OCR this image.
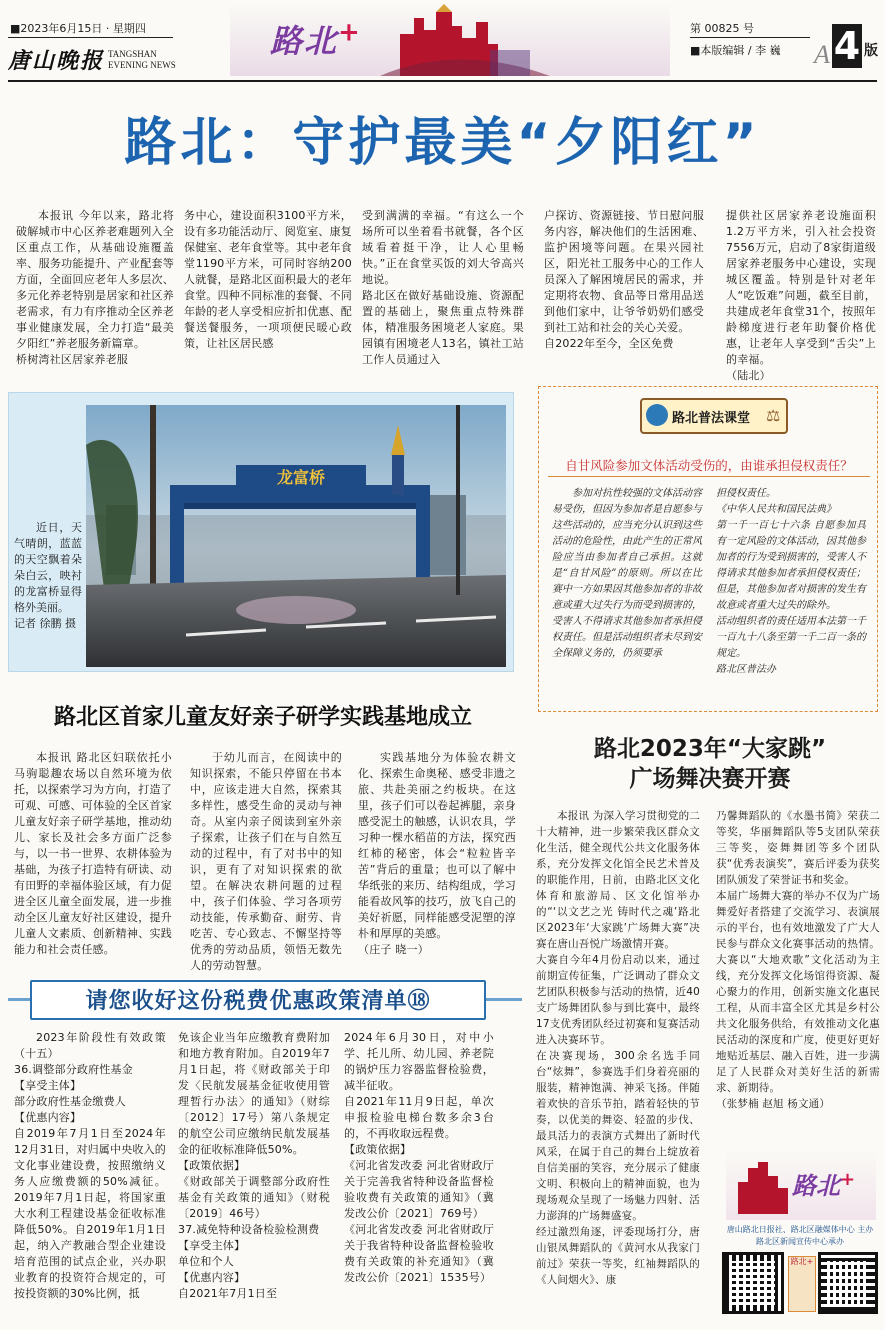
■2023年6月15日 · 星期四
唐山晚报 TANGSHAN
EVENING NEWS
路北+	第 00825 号
■本版编辑 / 李 巍 A 4 版
路北：守护最美“夕阳红”
本报讯 今年以来，路北将破解城市中心区养老难题列入全区重点工作，从基础设施覆盖率、服务功能提升、产业配套等方面，全面回应老年人多层次、多元化养老特别是居家和社区养老需求，有力有序推动全区养老事业健康发展，全力打造“最美夕阳红”养老服务新篇章。
桥树湾社区居家养老服
务中心，建设面积3100平方米，设有多功能活动厅、阅览室、康复保健室、老年食堂等。其中老年食堂1190平方米，可同时容纳200人就餐，是路北区面积最大的老年食堂。四种不同标准的套餐、不同年龄的老人享受相应折扣优惠、配餐送餐服务，一项项便民暖心政策，让社区居民感
受到满满的幸福。“有这么一个场所可以坐着看书就餐，各个区域看着挺干净，让人心里畅快。”正在食堂买饭的刘大爷高兴地说。
路北区在做好基础设施、资源配置的基础上，聚焦重点特殊群体，精准服务困境老人家庭。果园镇有困境老人13名，镇社工站工作人员通过入
户探访、资源链接、节日慰问服务内容，解决他们的生活困难、监护困境等问题。在果兴园社区，阳光社工服务中心的工作人员深入了解困境居民的需求，并定期将农物、食品等日常用品送到他们家中，让爷爷奶奶们感受到社工站和社会的关心关爱。
自2022年至今，全区免费
提供社区居家养老设施面积1.2万平方米，引入社会投资7556万元，启动了8家街道级居家养老服务中心建设，实现城区覆盖。特别是针对老年人“吃饭难”问题，截至目前，共建成老年食堂31个，按照年龄梯度进行老年助餐价格优惠，让老年人享受到“舌尖”上的幸福。
（陆北）
龙富桥
近日，天气晴朗，蓝蓝的天空飘着朵朵白云，映衬的龙富桥显得格外美丽。
记者 徐鹏 摄
路北普法课堂 ⚖
自甘风险参加文体活动受伤的，由谁承担侵权责任？
参加对抗性较强的文体活动容易受伤，但因为参加者是自愿参与这些活动的，应当充分认识到这些活动的危险性，由此产生的正常风险应当由参加者自己承担。这就是“自甘风险”的原则。所以在比赛中一方如果因其他参加者的非故意或重大过失行为而受到损害的，受害人不得请求其他参加者承担侵权责任。但是活动组织者未尽到安全保障义务的，仍须要承
担侵权责任。
《中华人民共和国民法典》
第一千一百七十六条 自愿参加具有一定风险的文体活动，因其他参加者的行为受到损害的，受害人不得请求其他参加者承担侵权责任；但是，其他参加者对损害的发生有故意或者重大过失的除外。
活动组织者的责任适用本法第一千一百九十八条至第一千二百一条的规定。
路北区普法办
路北区首家儿童友好亲子研学实践基地成立
本报讯 路北区妇联依托小马驹聪趣农场以自然环境为依托，以探索学习为方向，打造了可观、可感、可体验的全区首家儿童友好亲子研学基地，推动幼儿、家长及社会多方面广泛参与，以一书一世界、农耕体验为基础，为孩子打造特有研读、动有田野的幸福体验区域，有力促进全区儿童全面发展，进一步推动全区儿童友好社区建设，提升儿童人文素质、创新精神、实践能力和社会责任感。
于幼儿而言，在阅读中的知识探索，不能只停留在书本中，应该走进大自然，探索其多样性，感受生命的灵动与神奇。从室内亲子阅读到室外亲子探索，让孩子们在与自然互动的过程中，有了对书中的知识，更有了对知识探索的欲望。在解决农耕问题的过程中，孩子们体验、学习各项劳动技能，传承勤奋、耐劳、肯吃苦、专心致志、不懈坚持等优秀的劳动品质，领悟无数先人的劳动智慧。
实践基地分为体验农耕文化、探索生命奥秘、感受非遗之旅、共赴美丽之约板块。在这里，孩子们可以卷起裤腿，亲身感受泥土的触感，认识农具，学习种一棵水稻苗的方法，探究西红柿的秘密，体会“粒粒皆辛苦”背后的重量；也可以了解中华纸张的来历、结构组成，学习能看故风筝的技巧，放飞自己的美好祈愿，同样能感受泥塑的淳朴和厚厚的美感。
（庄子 晓一）
请您收好这份税费优惠政策清单⑱
2023年阶段性有效政策（十五）
36.调整部分政府性基金
【享受主体】
部分政府性基金缴费人
【优惠内容】
自2019年7月1日至2024年12月31日，对归属中央收入的文化事业建设费，按照缴纳义务人应缴费额的50%减征。2019年7月1日起，将国家重大水利工程建设基金征收标准降低50%。自2019年1月1日起，纳入产教融合型企业建设培育范围的试点企业，兴办职业教育的投资符合规定的，可按投资额的30%比例，抵
免该企业当年应缴教育费附加和地方教育附加。自2019年7月1日起，将《财政部关于印发〈民航发展基金征收使用管理暂行办法〉的通知》（财综〔2012〕17号）第八条规定的航空公司应缴纳民航发展基金的征收标准降低50%。
【政策依据】
《财政部关于调整部分政府性基金有关政策的通知》（财税〔2019〕46号）
37.减免特种设备检验检测费
【享受主体】
单位和个人
【优惠内容】
自2021年7月1日至
2024年6月30日，对中小学、托儿所、幼儿园、养老院的锅炉压力容器监督检验费，减半征收。
自2021年11月9日起，单次申报检验电梯台数多余3台的，不再收取远程费。
【政策依据】
《河北省发改委 河北省财政厅关于完善我省特种设备监督检验收费有关政策的通知》（冀发改公价〔2021〕769号）
《河北省发改委 河北省财政厅关于我省特种设备监督检验收费有关政策的补充通知》（冀发改公价〔2021〕1535号）
路北2023年“大家跳”
广场舞决赛开赛
本报讯 为深入学习贯彻党的二十大精神，进一步繁荣我区群众文化生活，健全现代公共文化服务体系，充分发挥文化馆全民艺术普及的职能作用，日前，由路北区文化体育和旅游局、区文化馆举办的“‘以文艺之光 铸时代之魂’路北区2023年‘大家跳’广场舞大赛”决赛在唐山吾悦广场激情开赛。
大赛自今年4月份启动以来，通过前期宣传征集，广泛调动了群众文艺团队积极参与活动的热情，近40支广场舞团队参与到比赛中，最终17支优秀团队经过初赛和复赛活动进入决赛环节。
在决赛现场，300余名选手同台“炫舞”，参赛选手们身着亮丽的服装，精神饱满、神采飞扬。伴随着欢快的音乐节拍，踏着轻快的节奏，以优美的舞姿、轻盈的步伐、最具活力的表演方式舞出了新时代风采，在属于自己的舞台上绽放着自信美丽的笑容，充分展示了健康文明、积极向上的精神面貌，也为现场观众呈现了一场魅力四射、活力澎湃的广场舞盛宴。
经过激烈角逐，评委现场打分，唐山银凤舞蹈队的《黄河水从我家门前过》荣获一等奖，红袖舞蹈队的《人间烟火》、康
乃馨舞蹈队的《水墨书简》荣获二等奖，华丽舞蹈队等5支团队荣获三等奖，姿舞舞团等多个团队获“优秀表演奖”，赛后评委为获奖团队颁发了荣誉证书和奖金。
本届广场舞大赛的举办不仅为广场舞爱好者搭建了交流学习、表演展示的平台，也有效地激发了广大人民参与群众文化赛事活动的热情。大赛以“大地欢歌”文化活动为主线，充分发挥文化场馆得资源、凝心聚力的作用，创新实施文化惠民工程，从而丰富全区尤其是乡村公共文化服务供给，有效推动文化惠民活动的深度和广度，使更好更好地贴近基层、融入百姓，进一步满足了人民群众对美好生活的新需求、新期待。
（张梦楠 赵旭 杨文通）
路北+
唐山路北日报社、路北区融媒体中心 主办
路北区新闻宣传中心承办
路北+
